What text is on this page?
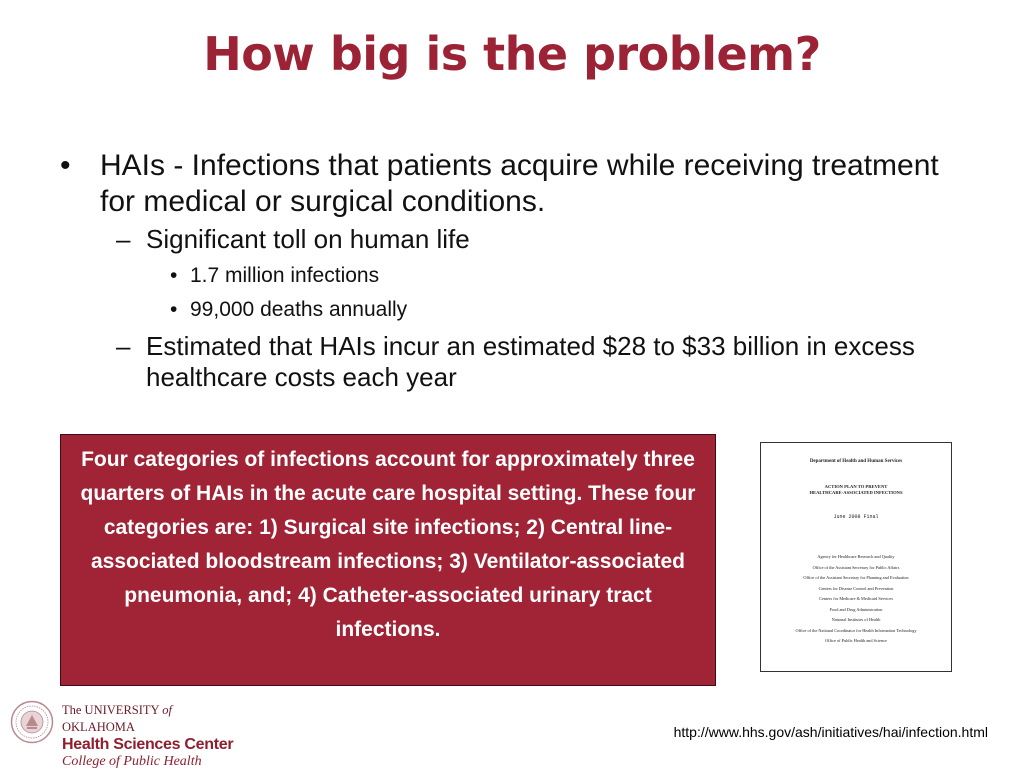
How big is the problem?
• HAIs - Infections that patients acquire while receiving treatment for medical or surgical conditions.
– Significant toll on human life
• 1.7 million infections
• 99,000 deaths annually
– Estimated that HAIs incur an estimated $28 to $33 billion in excess healthcare costs each year
Four categories of infections account for approximately three quarters of HAIs in the acute care hospital setting. These four categories are: 1) Surgical site infections; 2) Central line-associated bloodstream infections; 3) Ventilator-associated pneumonia, and; 4) Catheter-associated urinary tract infections.
Department of Health and Human Services
ACTION PLAN TO PREVENT
HEALTHCARE-ASSOCIATED INFECTIONS
June 2008 Final
Agency for Healthcare Research and Quality
Office of the Assistant Secretary for Public Affairs
Office of the Assistant Secretary for Planning and Evaluation
Centers for Disease Control and Prevention
Centers for Medicare & Medicaid Services
Food and Drug Administration
National Institutes of Health
Office of the National Coordinator for Health Information Technology
Office of Public Health and Science
The UNIVERSITY of OKLAHOMA
Health Sciences Center
College of Public Health
http://www.hhs.gov/ash/initiatives/hai/infection.html
